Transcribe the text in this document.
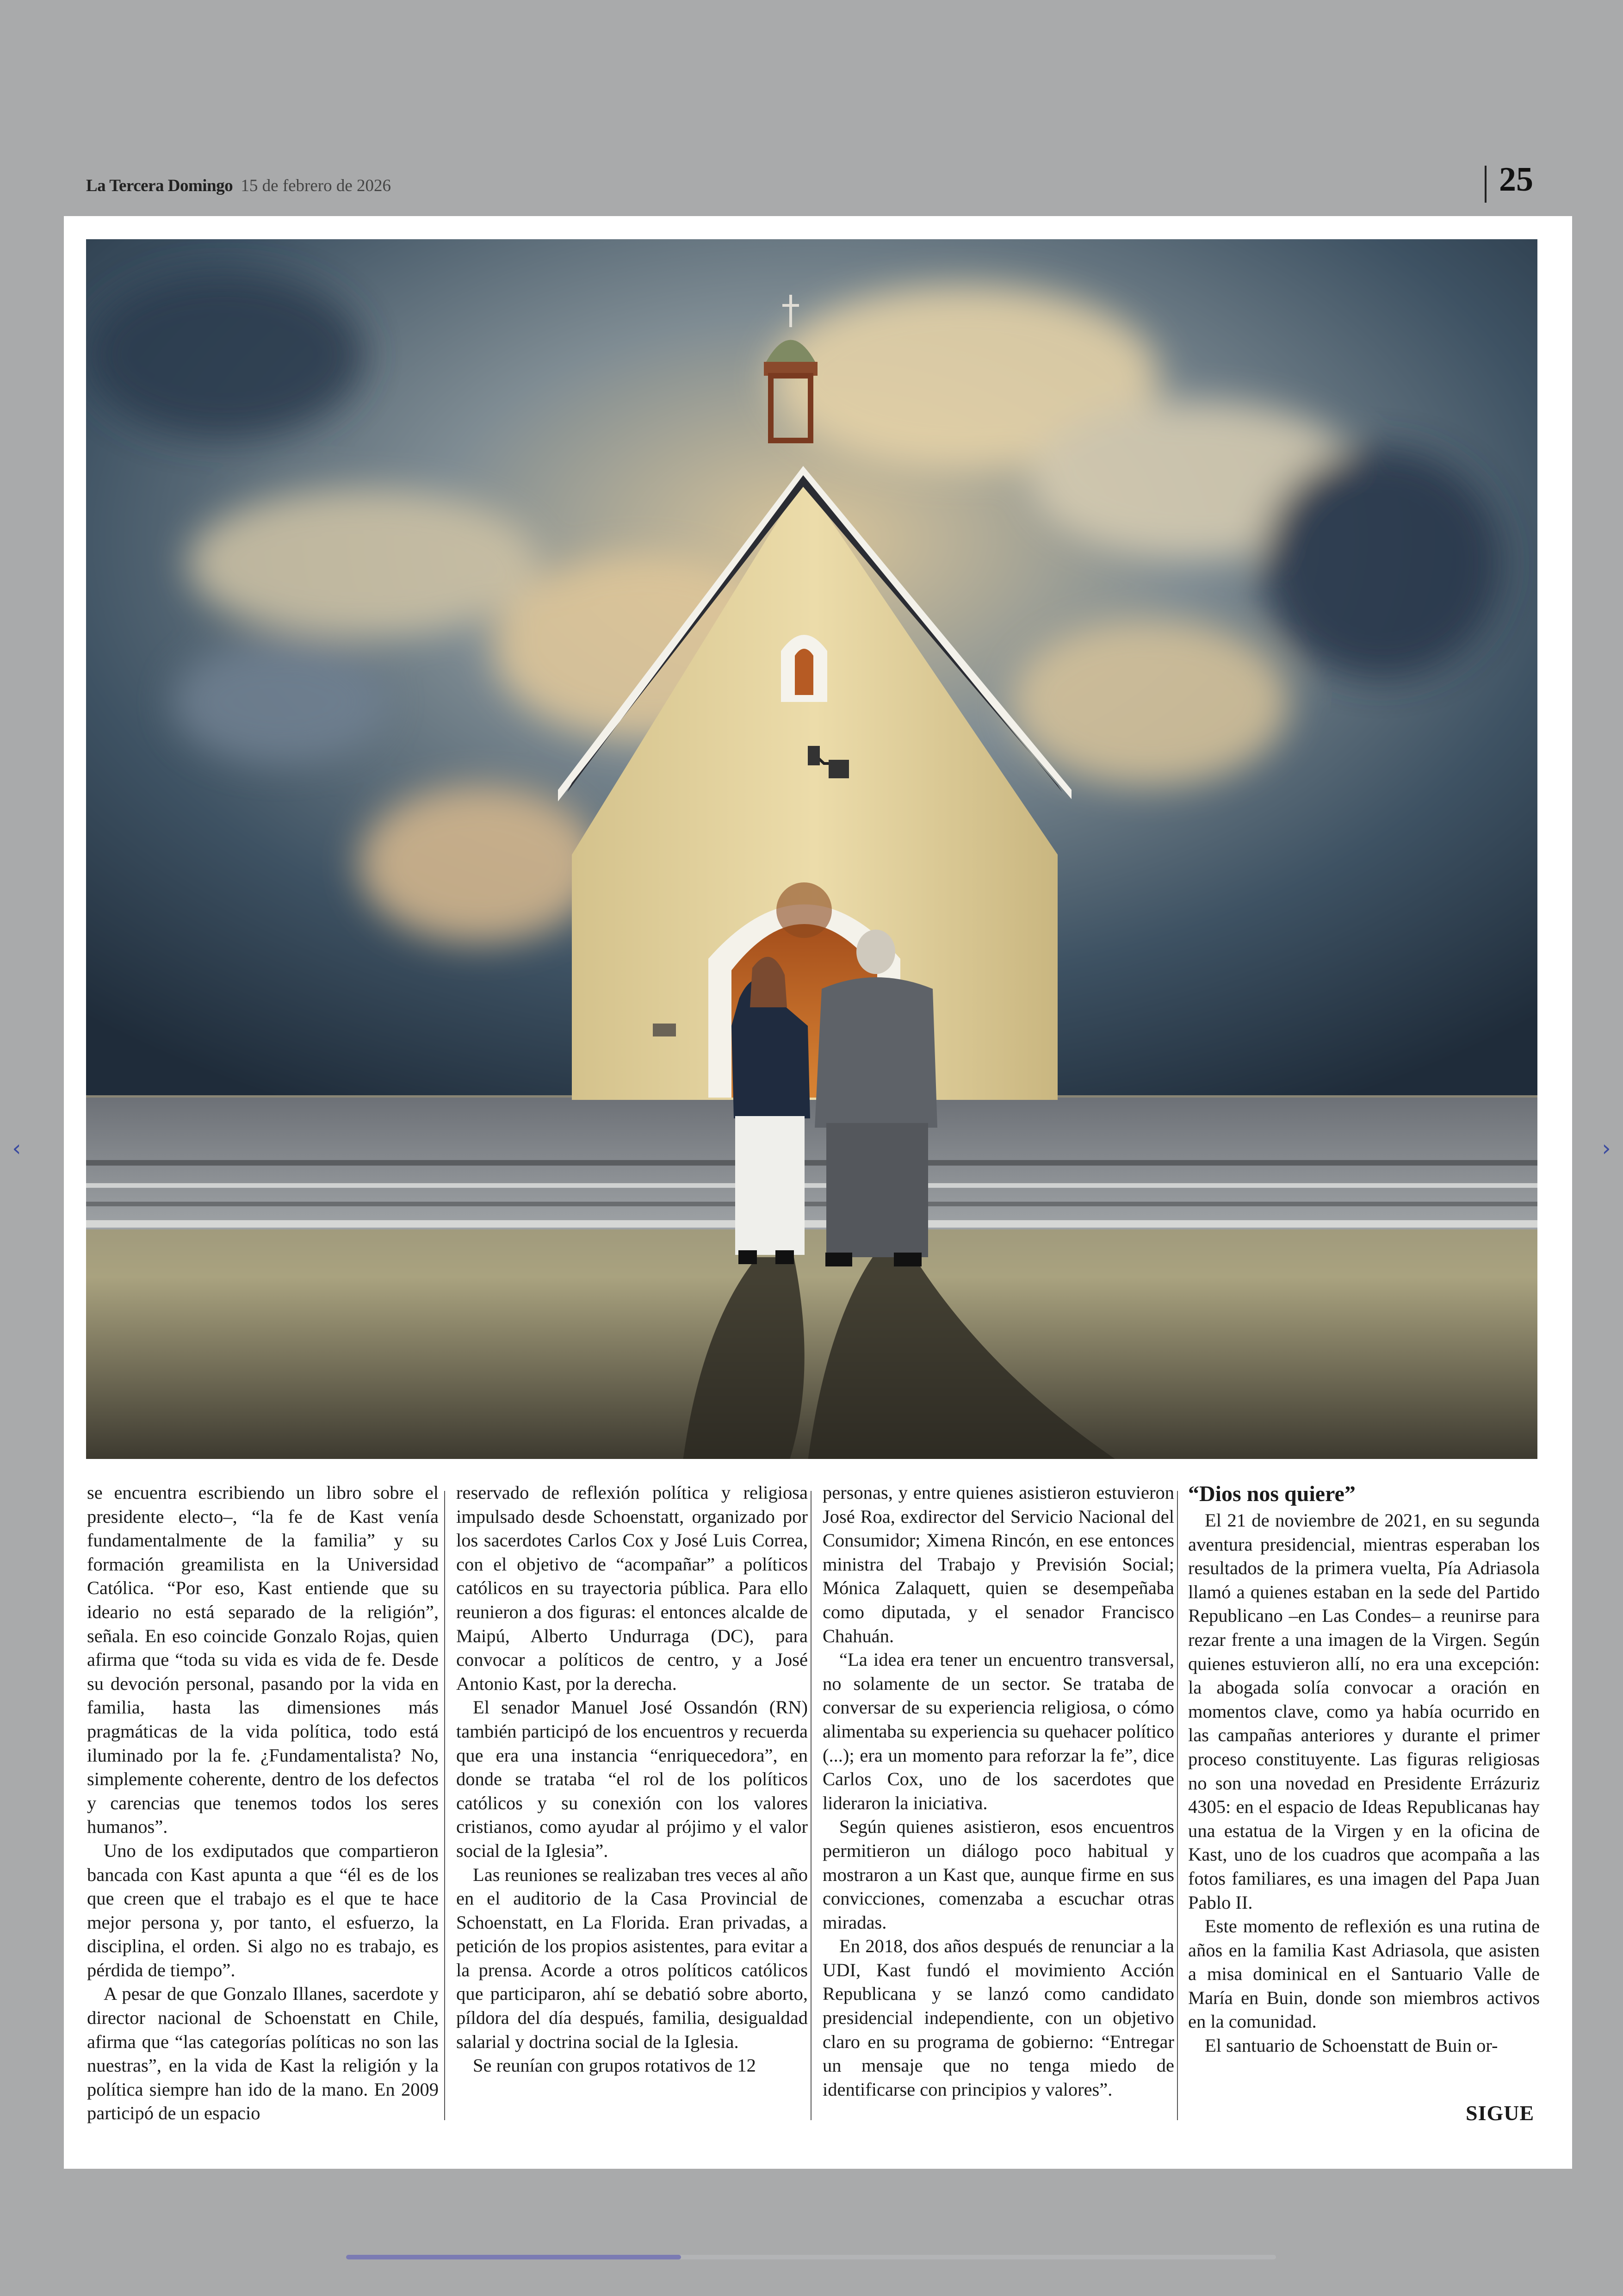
La Tercera Domingo 15 de febrero de 2026	25

se encuentra escribiendo un libro sobre el presidente electo–, “la fe de Kast venía fundamentalmente de la familia” y su formación greamilista en la Universidad Católica. “Por eso, Kast entiende que su ideario no está separado de la religión”, señala. En eso coincide Gonzalo Rojas, quien afirma que “toda su vida es vida de fe. Desde su devoción personal, pasando por la vida en familia, hasta las dimensiones más pragmáticas de la vida política, todo está iluminado por la fe. ¿Fundamentalista? No, simplemente coherente, dentro de los defectos y carencias que tenemos todos los seres humanos”.

Uno de los exdiputados que compartieron bancada con Kast apunta a que “él es de los que creen que el trabajo es el que te hace mejor persona y, por tanto, el esfuerzo, la disciplina, el orden. Si algo no es trabajo, es pérdida de tiempo”.

A pesar de que Gonzalo Illanes, sacerdote y director nacional de Schoenstatt en Chile, afirma que “las categorías políticas no son las nuestras”, en la vida de Kast la religión y la política siempre han ido de la mano. En 2009 participó de un espacio

reservado de reflexión política y religiosa impulsado desde Schoenstatt, organizado por los sacerdotes Carlos Cox y José Luis Correa, con el objetivo de “acompañar” a políticos católicos en su trayectoria pública. Para ello reunieron a dos figuras: el entonces alcalde de Maipú, Alberto Undurraga (DC), para convocar a políticos de centro, y a José Antonio Kast, por la derecha.

El senador Manuel José Ossandón (RN) también participó de los encuentros y recuerda que era una instancia “enriquecedora”, en donde se trataba “el rol de los políticos católicos y su conexión con los valores cristianos, como ayudar al prójimo y el valor social de la Iglesia”.

Las reuniones se realizaban tres veces al año en el auditorio de la Casa Provincial de Schoenstatt, en La Florida. Eran privadas, a petición de los propios asistentes, para evitar a la prensa. Acorde a otros políticos católicos que participaron, ahí se debatió sobre aborto, píldora del día después, familia, desigualdad salarial y doctrina social de la Iglesia.

Se reunían con grupos rotativos de 12

personas, y entre quienes asistieron estuvieron José Roa, exdirector del Servicio Nacional del Consumidor; Ximena Rincón, en ese entonces ministra del Trabajo y Previsión Social; Mónica Zalaquett, quien se desempeñaba como diputada, y el senador Francisco Chahuán.

“La idea era tener un encuentro transversal, no solamente de un sector. Se trataba de conversar de su experiencia religiosa, o cómo alimentaba su experiencia su quehacer político (...); era un momento para reforzar la fe”, dice Carlos Cox, uno de los sacerdotes que lideraron la iniciativa.

Según quienes asistieron, esos encuentros permitieron un diálogo poco habitual y mostraron a un Kast que, aunque firme en sus convicciones, comenzaba a escuchar otras miradas.

En 2018, dos años después de renunciar a la UDI, Kast fundó el movimiento Acción Republicana y se lanzó como candidato presidencial independiente, con un objetivo claro en su programa de gobierno: “Entregar un mensaje que no tenga miedo de identificarse con principios y valores”.

“Dios nos quiere”

El 21 de noviembre de 2021, en su segunda aventura presidencial, mientras esperaban los resultados de la primera vuelta, Pía Adriasola llamó a quienes estaban en la sede del Partido Republicano –en Las Condes– a reunirse para rezar frente a una imagen de la Virgen. Según quienes estuvieron allí, no era una excepción: la abogada solía convocar a oración en momentos clave, como ya había ocurrido en las campañas anteriores y durante el primer proceso constituyente. Las figuras religiosas no son una novedad en Presidente Errázuriz 4305: en el espacio de Ideas Republicanas hay una estatua de la Virgen y en la oficina de Kast, uno de los cuadros que acompaña a las fotos familiares, es una imagen del Papa Juan Pablo II.

Este momento de reflexión es una rutina de años en la familia Kast Adriasola, que asisten a misa dominical en el Santuario Valle de María en Buin, donde son miembros activos en la comunidad.

El santuario de Schoenstatt de Buin or-

SIGUE
‹	›
